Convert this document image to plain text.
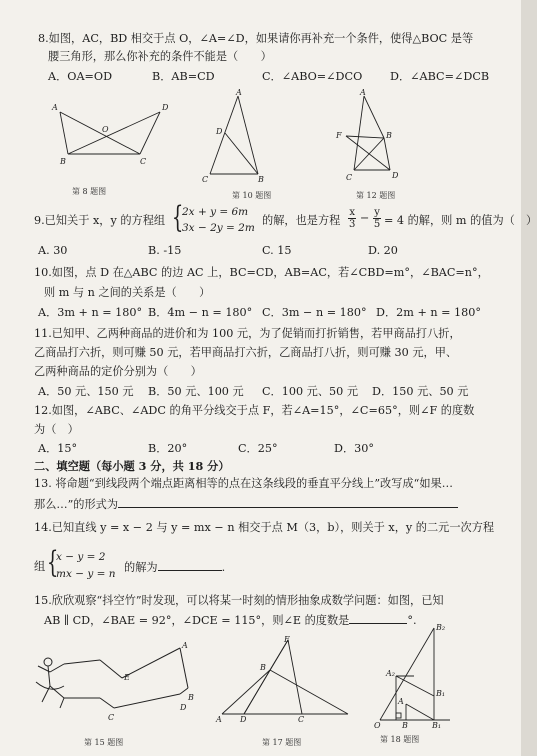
8.如图，AC，BD 相交于点 O，∠A=∠D，如果请你再补充一个条件，使得△BOC 是等
腰三角形，那么你补充的条件不能是（　　）
A．OA=OD	B．AB=CD	C．∠ABO=∠DCO D．∠ABC=∠DCB
A	D
O
B	C
第 8 题图
A
D
C	B
第 10 题图
A
F	B
C	D
第 12 题图
9.已知关于 x，y 的方程组 {
2x + y = 6m
3x − 2y = 2m
的解，也是方程 $\frac{x}{3} - \frac{y}{5} = 4$ 的解，则 m 的值为（　）
A. 30	B. -15	C. 15	D. 20
10.如图，点 D 在△ABC 的边 AC 上，BC=CD，AB=AC，若∠CBD=m°，∠BAC=n°，
则 m 与 n 之间的关系是（　　）
A．3m + n = 180° B．4m − n = 180° C．3m − n = 180° D．2m + n = 180°
11.已知甲、乙两种商品的进价和为 100 元，为了促销而打折销售，若甲商品打八折，
乙商品打六折，则可赚 50 元，若甲商品打六折，乙商品打八折，则可赚 30 元，甲、
乙两种商品的定价分别为（　　）
A．50 元、150 元 B．50 元、100 元 C．100 元、50 元 D．150 元、50 元
12.如图，∠ABC、∠ADC 的角平分线交于点 F，若∠A=15°，∠C=65°，则∠F 的度数
为（　）
A．15°	B．20°	C．25°	D．30°
二、填空题（每小题 3 分，共 18 分）
13. 将命题“到线段两个端点距离相等的点在这条线段的垂直平分线上”改写成“如果…
那么…”的形式为
14.已知直线 y = x − 2 与 y = mx − n 相交于点 M（3，b），则关于 x，y 的二元一次方程
组 {
x − y = 2
mx − y = n 的解为	.
15.欣欣观察“抖空竹”时发现，可以将某一时刻的情形抽象成数学问题：如图，已知
AB ∥ CD，∠BAE = 92°，∠DCE = 115°，则∠E 的度数是	°.
A
E
B
C
D
第 15 题图
E
B
A D	C
第 17 题图
B₂
A₂
B₁
A
O	B	B₁
第 18 题图
